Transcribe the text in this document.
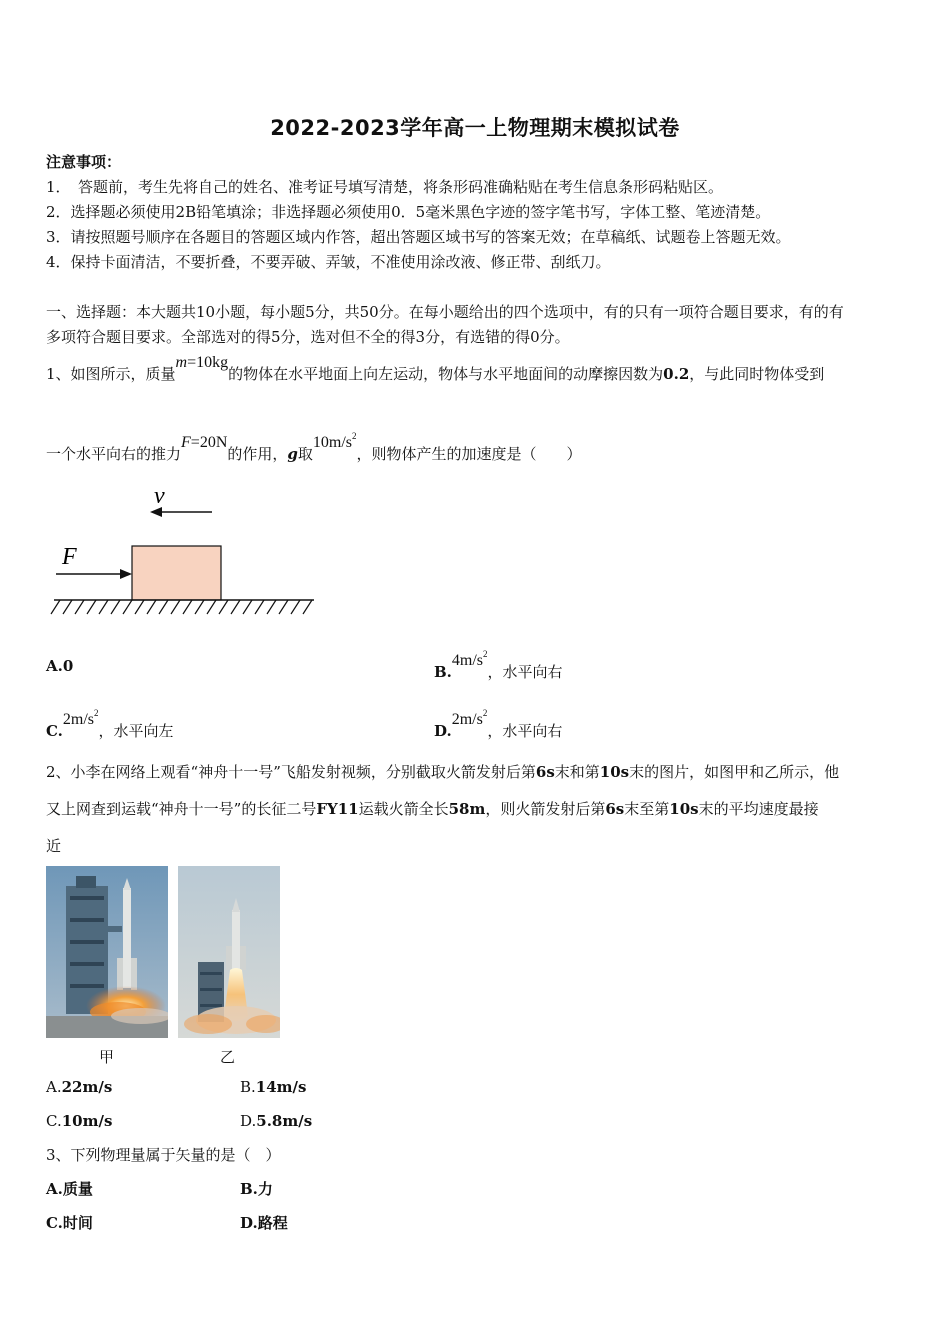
2022-2023学年高一上物理期末模拟试卷
注意事项：
1．　答题前，考生先将自己的姓名、准考证号填写清楚，将条形码准确粘贴在考生信息条形码粘贴区。
2．选择题必须使用2B铅笔填涂；非选择题必须使用0．5毫米黑色字迹的签字笔书写，字体工整、笔迹清楚。
3．请按照题号顺序在各题目的答题区域内作答，超出答题区域书写的答案无效；在草稿纸、试题卷上答题无效。
4．保持卡面清洁，不要折叠，不要弄破、弄皱，不准使用涂改液、修正带、刮纸刀。
一、选择题：本大题共10小题，每小题5分，共50分。在每小题给出的四个选项中，有的只有一项符合题目要求，有的有
多项符合题目要求。全部选对的得5分，选对但不全的得3分，有选错的得0分。
1、如图所示，质量m=10kg的物体在水平地面上向左运动，物体与水平地面间的动摩擦因数为0.2，与此同时物体受到
一个水平向右的推力F=20N的作用，g取$10m/s^2$，则物体产生的加速度是（　　）
v
F
A.0	$B.4m/s^2$，水平向右
$C.2m/s^2$，水平向左	$D.2m/s^2$，水平向右
2、小李在网络上观看“神舟十一号”飞船发射视频，分别截取火箭发射后第6s末和第10s末的图片，如图甲和乙所示，他
又上网查到运载“神舟十一号”的长征二号FY11运载火箭全长58m，则火箭发射后第6s末至第10s末的平均速度最接
近
甲	乙
A.22m/s	B.14m/s
C.10m/s	D.5.8m/s
3、下列物理量属于矢量的是（　）
A.质量	B.力
C.时间	D.路程
